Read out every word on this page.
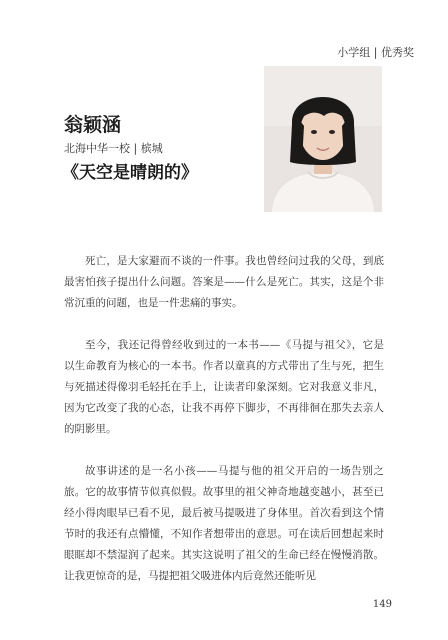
小学组 | 优秀奖
翁颖涵
北海中华一校 | 槟城
《天空是晴朗的》

死亡，是大家避而不谈的一件事。我也曾经问过我的父母，到底最害怕孩子提出什么问题。答案是——什么是死亡。其实，这是个非常沉重的问题，也是一件悲痛的事实。

至今，我还记得曾经收到过的一本书——《马提与祖父》，它是以生命教育为核心的一本书。作者以童真的方式带出了生与死，把生与死描述得像羽毛轻托在手上，让读者印象深刻。它对我意义非凡，因为它改变了我的心态，让我不再停下脚步，不再徘徊在那失去亲人的阴影里。

故事讲述的是一名小孩——马提与他的祖父开启的一场告别之旅。它的故事情节似真似假。故事里的祖父神奇地越变越小，甚至已经小得肉眼早已看不见，最后被马提吸进了身体里。首次看到这个情节时的我还有点懵懂，不知作者想带出的意思。可在读后回想起来时眼眶却不禁湿润了起来。其实这说明了祖父的生命已经在慢慢消散。让我更惊奇的是，马提把祖父吸进体内后竟然还能听见

149
